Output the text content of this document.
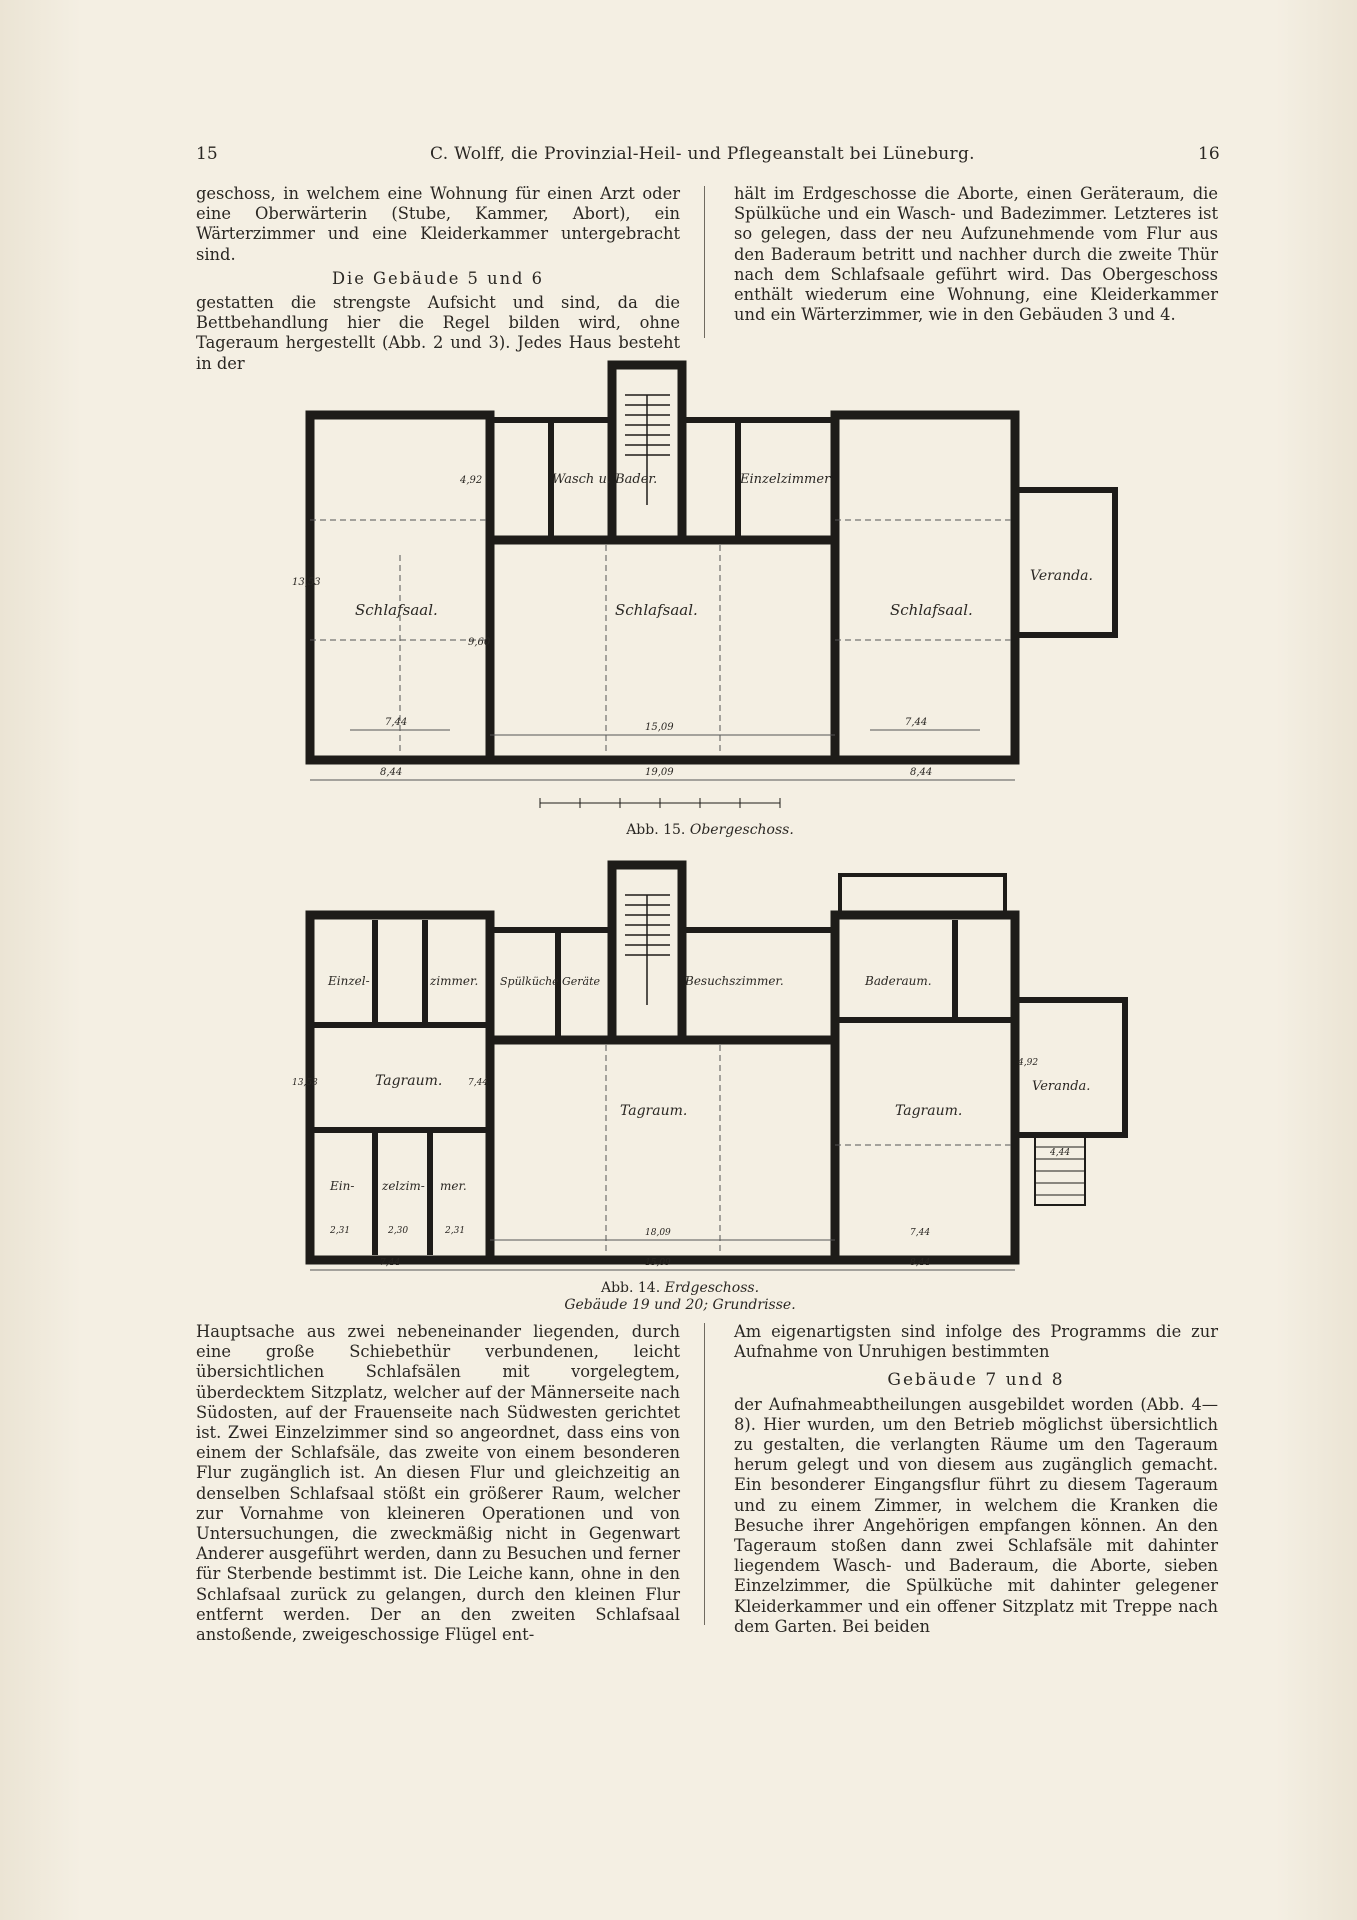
15	C. Wolff, die Provinzial-Heil- und Pflegeanstalt bei Lüneburg.	16

geschoss, in welchem eine Wohnung für einen Arzt oder eine Oberwärterin (Stube, Kammer, Abort), ein Wärterzimmer und eine Kleiderkammer untergebracht sind.

Die Gebäude 5 und 6

gestatten die strengste Aufsicht und sind, da die Bettbehandlung hier die Regel bilden wird, ohne Tageraum hergestellt (Abb. 2 und 3). Jedes Haus besteht in der

hält im Erdgeschosse die Aborte, einen Geräteraum, die Spülküche und ein Wasch- und Badezimmer. Letzteres ist so gelegen, dass der neu Aufzunehmende vom Flur aus den Baderaum betritt und nachher durch die zweite Thür nach dem Schlafsaale geführt wird. Das Obergeschoss enthält wiederum eine Wohnung, eine Kleiderkammer und ein Wärterzimmer, wie in den Gebäuden 3 und 4.

Wasch u. Bader.	Einzelzimmer
Schlafsaal.	Schlafsaal.	Schlafsaal.
Veranda.
7,44	15,09	7,44
19,09
8,44	8,44
13,53
9,60
4,92
Abb. 15. Obergeschoss.
Einzel-	zimmer. Spülküche Geräte	Besuchszimmer.	Baderaum.
Tagraum.
Tagraum.	Tagraum.
Veranda.
Ein- zelzim- mer.
2,31	2,30	2,31
7,44	15,09
7,44
18,09
8,44
4,44
13,53
4,92
7,44
Abb. 14. Erdgeschoss.
Gebäude 19 und 20; Grundrisse.

Hauptsache aus zwei nebeneinander liegenden, durch eine große Schiebethür verbundenen, leicht übersichtlichen Schlafsälen mit vorgelegtem, überdecktem Sitzplatz, welcher auf der Männerseite nach Südosten, auf der Frauenseite nach Südwesten gerichtet ist. Zwei Einzelzimmer sind so angeordnet, dass eins von einem der Schlafsäle, das zweite von einem besonderen Flur zugänglich ist. An diesen Flur und gleichzeitig an denselben Schlafsaal stößt ein größerer Raum, welcher zur Vornahme von kleineren Operationen und von Untersuchungen, die zweckmäßig nicht in Gegenwart Anderer ausgeführt werden, dann zu Besuchen und ferner für Sterbende bestimmt ist. Die Leiche kann, ohne in den Schlafsaal zurück zu gelangen, durch den kleinen Flur entfernt werden. Der an den zweiten Schlafsaal anstoßende, zweigeschossige Flügel ent-

Am eigenartigsten sind infolge des Programms die zur Aufnahme von Unruhigen bestimmten

Gebäude 7 und 8

der Aufnahmeabtheilungen ausgebildet worden (Abb. 4—8). Hier wurden, um den Betrieb möglichst übersichtlich zu gestalten, die verlangten Räume um den Tageraum herum gelegt und von diesem aus zugänglich gemacht. Ein besonderer Eingangsflur führt zu diesem Tageraum und zu einem Zimmer, in welchem die Kranken die Besuche ihrer Angehörigen empfangen können. An den Tageraum stoßen dann zwei Schlafsäle mit dahinter liegendem Wasch- und Baderaum, die Aborte, sieben Einzelzimmer, die Spülküche mit dahinter gelegener Kleiderkammer und ein offener Sitzplatz mit Treppe nach dem Garten. Bei beiden
